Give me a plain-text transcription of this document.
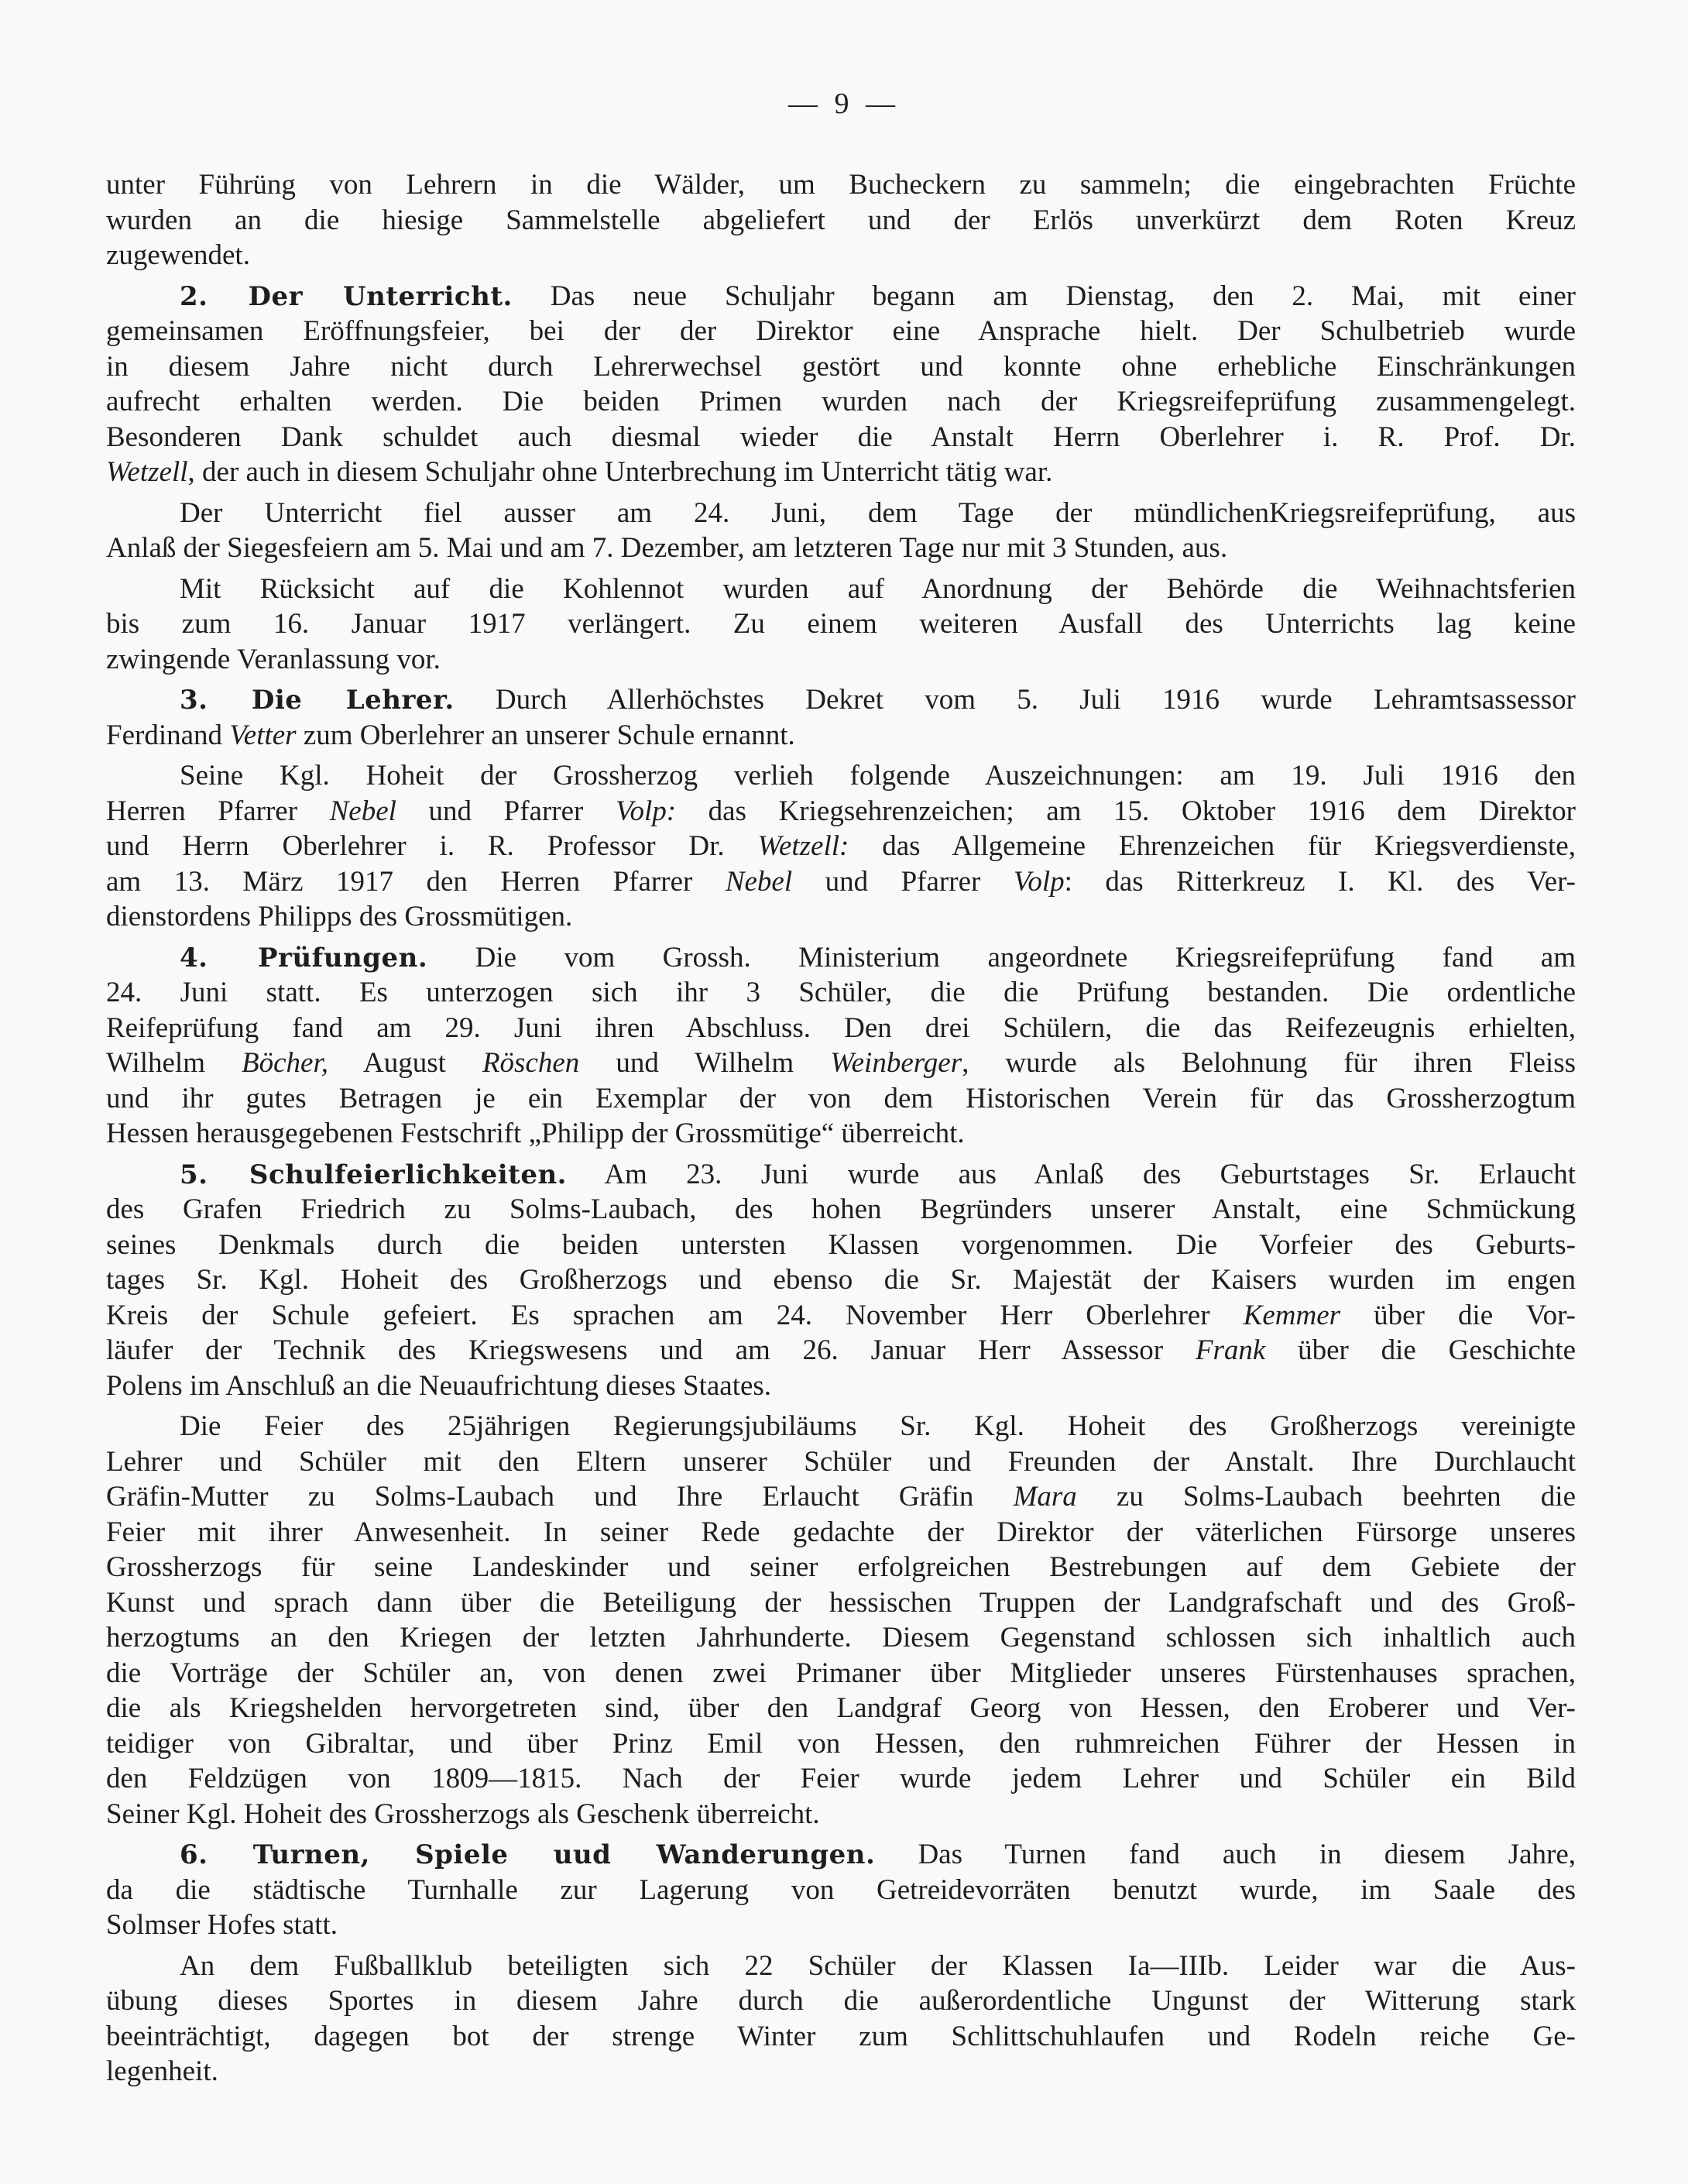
— 9 —
unter Führüng von Lehrern in die Wälder, um Bucheckern zu sammeln; die eingebrachten Früchte
wurden an die hiesige Sammelstelle abgeliefert und der Erlös unverkürzt dem Roten Kreuz
zugewendet.
2. Der Unterricht. Das neue Schuljahr begann am Dienstag, den 2. Mai, mit einer
gemeinsamen Eröffnungsfeier, bei der der Direktor eine Ansprache hielt. Der Schulbetrieb wurde
in diesem Jahre nicht durch Lehrerwechsel gestört und konnte ohne erhebliche Einschränkungen
aufrecht erhalten werden. Die beiden Primen wurden nach der Kriegsreifeprüfung zusammengelegt.
Besonderen Dank schuldet auch diesmal wieder die Anstalt Herrn Oberlehrer i. R. Prof. Dr.
Wetzell, der auch in diesem Schuljahr ohne Unterbrechung im Unterricht tätig war.
Der Unterricht fiel ausser am 24. Juni, dem Tage der mündlichenKriegsreifeprüfung, aus
Anlaß der Siegesfeiern am 5. Mai und am 7. Dezember, am letzteren Tage nur mit 3 Stunden, aus.
Mit Rücksicht auf die Kohlennot wurden auf Anordnung der Behörde die Weihnachtsferien
bis zum 16. Januar 1917 verlängert. Zu einem weiteren Ausfall des Unterrichts lag keine
zwingende Veranlassung vor.
3. Die Lehrer. Durch Allerhöchstes Dekret vom 5. Juli 1916 wurde Lehramtsassessor
Ferdinand Vetter zum Oberlehrer an unserer Schule ernannt.
Seine Kgl. Hoheit der Grossherzog verlieh folgende Auszeichnungen: am 19. Juli 1916 den
Herren Pfarrer Nebel und Pfarrer Volp: das Kriegsehrenzeichen; am 15. Oktober 1916 dem Direktor
und Herrn Oberlehrer i. R. Professor Dr. Wetzell: das Allgemeine Ehrenzeichen für Kriegsverdienste,
am 13. März 1917 den Herren Pfarrer Nebel und Pfarrer Volp: das Ritterkreuz I. Kl. des Ver-
dienstordens Philipps des Grossmütigen.
4. Prüfungen. Die vom Grossh. Ministerium angeordnete Kriegsreifeprüfung fand am
24. Juni statt. Es unterzogen sich ihr 3 Schüler, die die Prüfung bestanden. Die ordentliche
Reifeprüfung fand am 29. Juni ihren Abschluss. Den drei Schülern, die das Reifezeugnis erhielten,
Wilhelm Böcher, August Röschen und Wilhelm Weinberger, wurde als Belohnung für ihren Fleiss
und ihr gutes Betragen je ein Exemplar der von dem Historischen Verein für das Grossherzogtum
Hessen herausgegebenen Festschrift „Philipp der Grossmütige“ überreicht.
5. Schulfeierlichkeiten. Am 23. Juni wurde aus Anlaß des Geburtstages Sr. Erlaucht
des Grafen Friedrich zu Solms-Laubach, des hohen Begründers unserer Anstalt, eine Schmückung
seines Denkmals durch die beiden untersten Klassen vorgenommen. Die Vorfeier des Geburts-
tages Sr. Kgl. Hoheit des Großherzogs und ebenso die Sr. Majestät der Kaisers wurden im engen
Kreis der Schule gefeiert. Es sprachen am 24. November Herr Oberlehrer Kemmer über die Vor-
läufer der Technik des Kriegswesens und am 26. Januar Herr Assessor Frank über die Geschichte
Polens im Anschluß an die Neuaufrichtung dieses Staates.
Die Feier des 25jährigen Regierungsjubiläums Sr. Kgl. Hoheit des Großherzogs vereinigte
Lehrer und Schüler mit den Eltern unserer Schüler und Freunden der Anstalt. Ihre Durchlaucht
Gräfin-Mutter zu Solms-Laubach und Ihre Erlaucht Gräfin Mara zu Solms-Laubach beehrten die
Feier mit ihrer Anwesenheit. In seiner Rede gedachte der Direktor der väterlichen Fürsorge unseres
Grossherzogs für seine Landeskinder und seiner erfolgreichen Bestrebungen auf dem Gebiete der
Kunst und sprach dann über die Beteiligung der hessischen Truppen der Landgrafschaft und des Groß-
herzogtums an den Kriegen der letzten Jahrhunderte. Diesem Gegenstand schlossen sich inhaltlich auch
die Vorträge der Schüler an, von denen zwei Primaner über Mitglieder unseres Fürstenhauses sprachen,
die als Kriegshelden hervorgetreten sind, über den Landgraf Georg von Hessen, den Eroberer und Ver-
teidiger von Gibraltar, und über Prinz Emil von Hessen, den ruhmreichen Führer der Hessen in
den Feldzügen von 1809—1815. Nach der Feier wurde jedem Lehrer und Schüler ein Bild
Seiner Kgl. Hoheit des Grossherzogs als Geschenk überreicht.
6. Turnen, Spiele uud Wanderungen. Das Turnen fand auch in diesem Jahre,
da die städtische Turnhalle zur Lagerung von Getreidevorräten benutzt wurde, im Saale des
Solmser Hofes statt.
An dem Fußballklub beteiligten sich 22 Schüler der Klassen Ia—IIIb. Leider war die Aus-
übung dieses Sportes in diesem Jahre durch die außerordentliche Ungunst der Witterung stark
beeinträchtigt, dagegen bot der strenge Winter zum Schlittschuhlaufen und Rodeln reiche Ge-
legenheit.
